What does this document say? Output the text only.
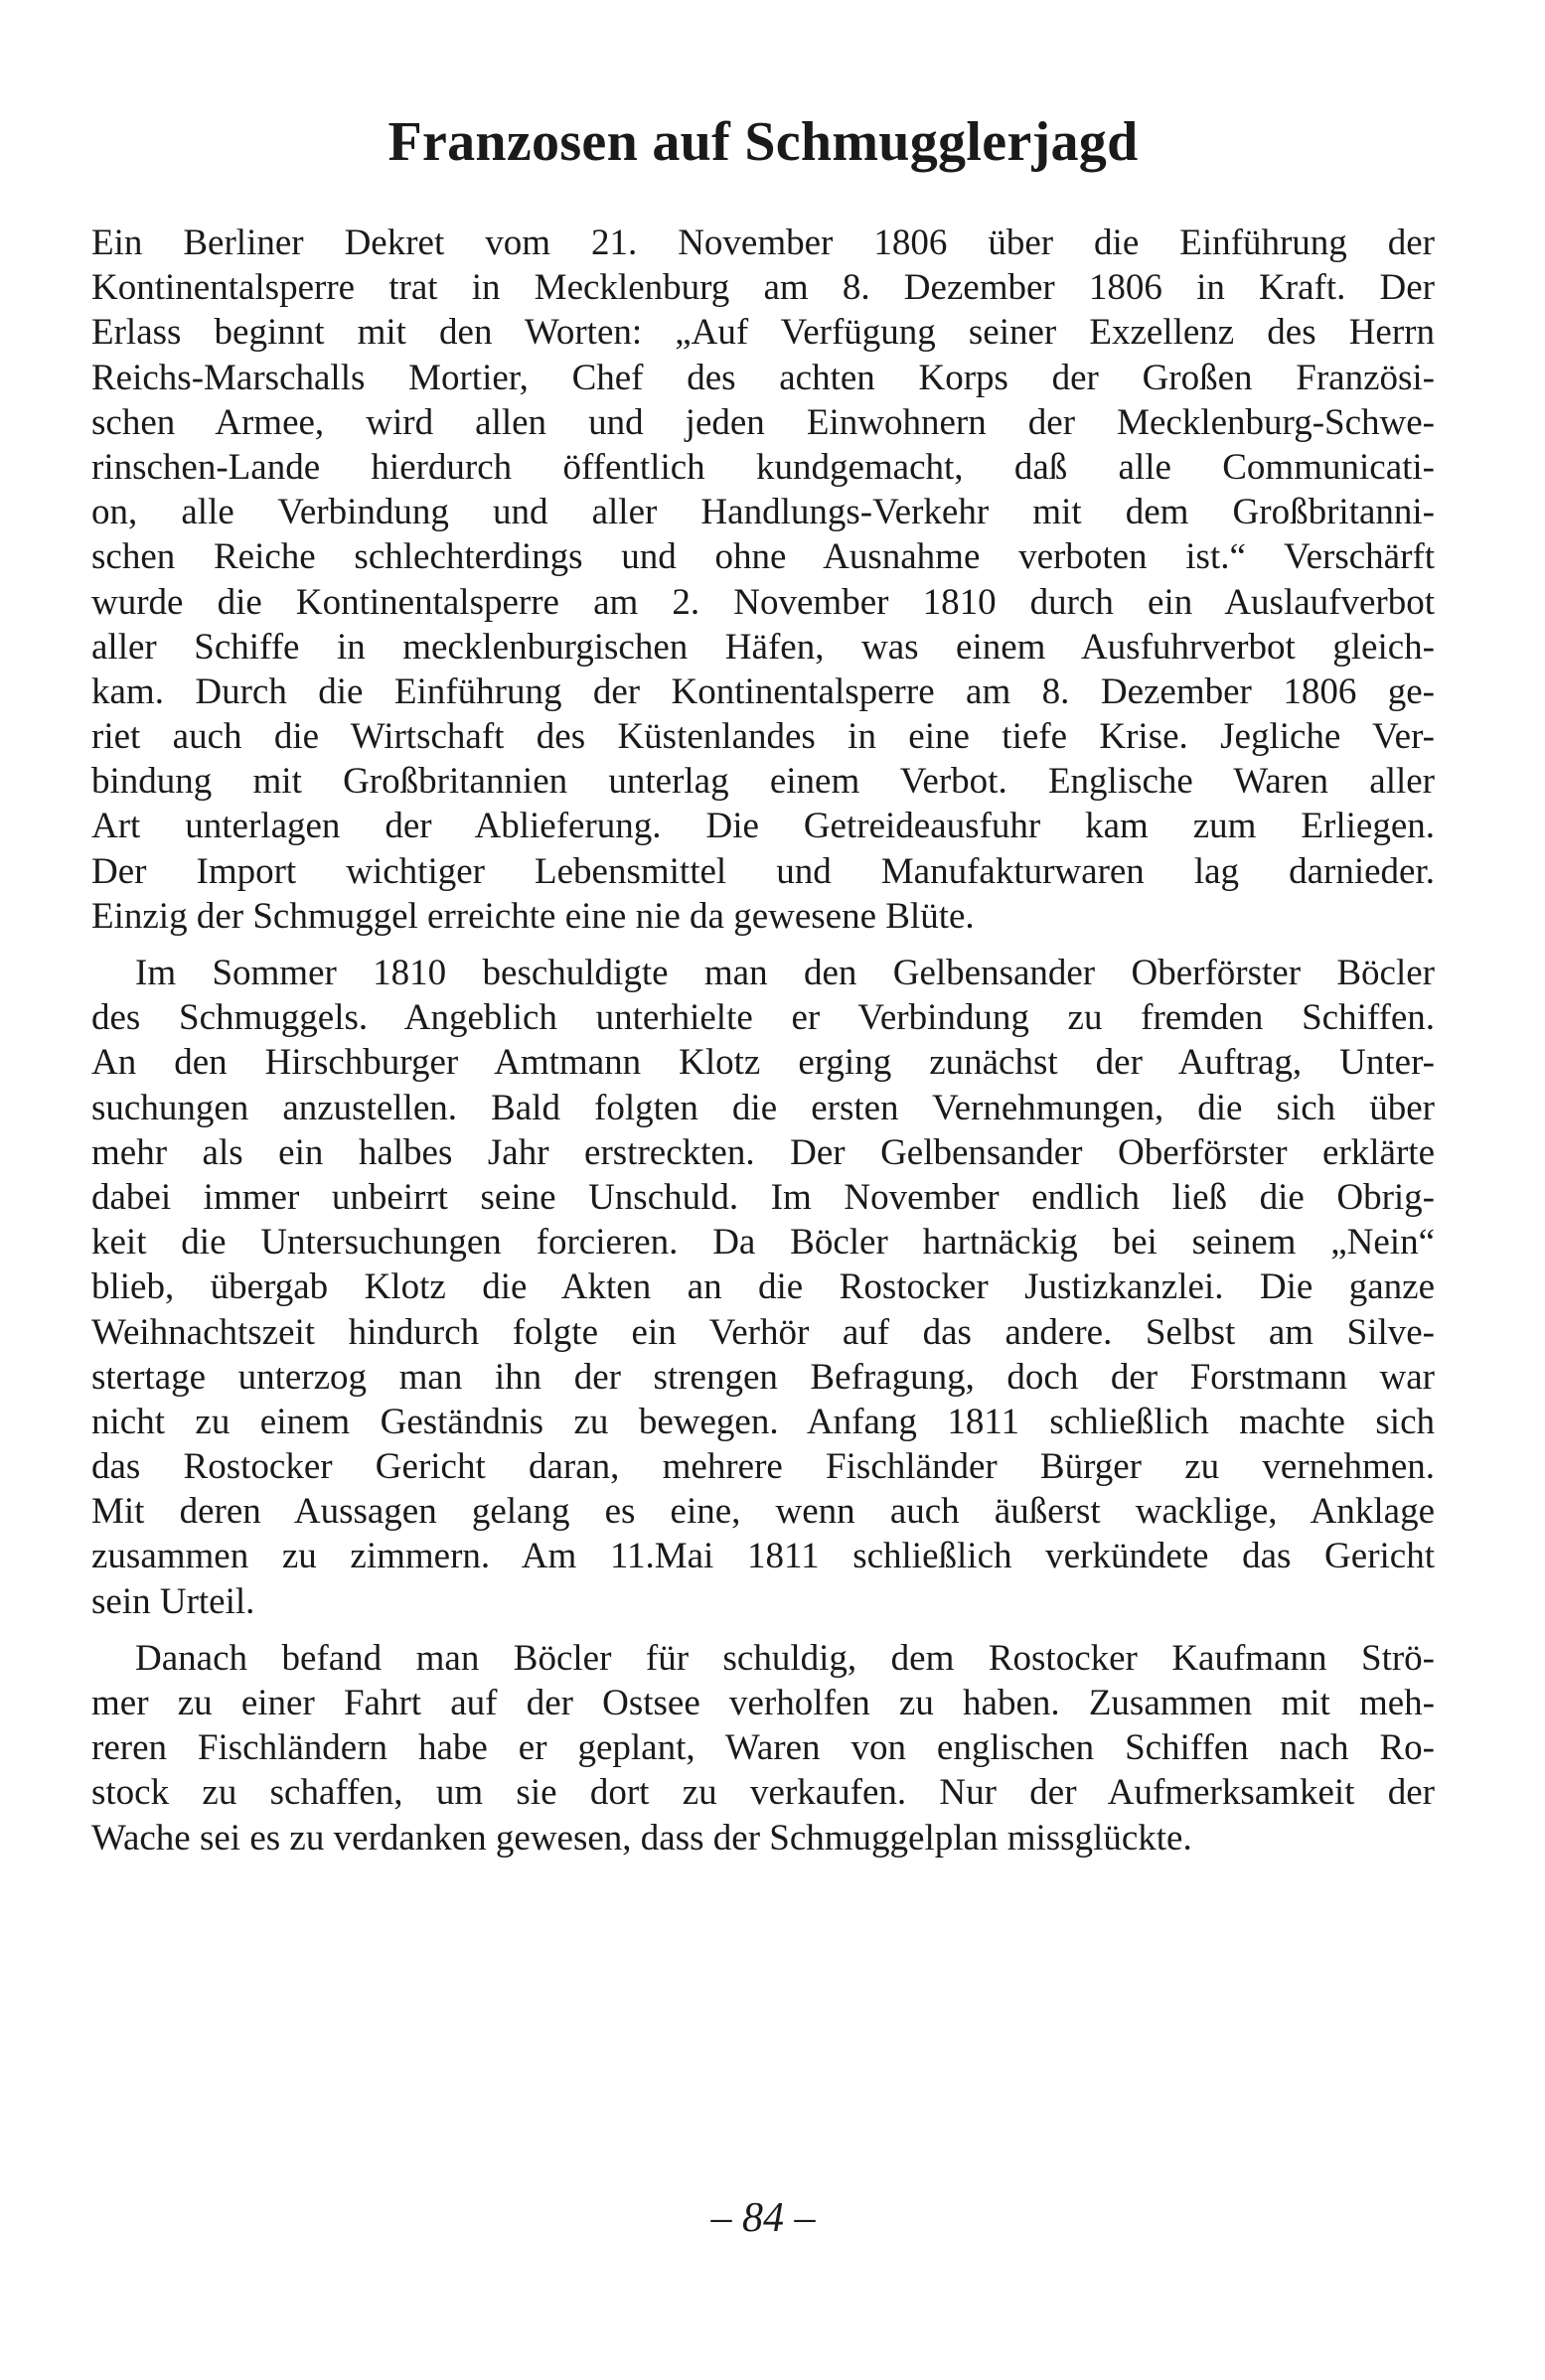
Franzosen auf Schmugglerjagd
Ein Berliner Dekret vom 21. November 1806 über die Einführung der
Kontinentalsperre trat in Mecklenburg am 8. Dezember 1806 in Kraft. Der
Erlass beginnt mit den Worten: „Auf Verfügung seiner Exzellenz des Herrn
Reichs-Marschalls Mortier, Chef des achten Korps der Großen Französi-
schen Armee, wird allen und jeden Einwohnern der Mecklenburg-Schwe-
rinschen-Lande hierdurch öffentlich kundgemacht, daß alle Communicati-
on, alle Verbindung und aller Handlungs-Verkehr mit dem Großbritanni-
schen Reiche schlechterdings und ohne Ausnahme verboten ist.“ Verschärft
wurde die Kontinentalsperre am 2. November 1810 durch ein Auslaufverbot
aller Schiffe in mecklenburgischen Häfen, was einem Ausfuhrverbot gleich-
kam. Durch die Einführung der Kontinentalsperre am 8. Dezember 1806 ge-
riet auch die Wirtschaft des Küstenlandes in eine tiefe Krise. Jegliche Ver-
bindung mit Großbritannien unterlag einem Verbot. Englische Waren aller
Art unterlagen der Ablieferung. Die Getreideausfuhr kam zum Erliegen.
Der Import wichtiger Lebensmittel und Manufakturwaren lag darnieder.
Einzig der Schmuggel erreichte eine nie da gewesene Blüte.
Im Sommer 1810 beschuldigte man den Gelbensander Oberförster Böcler
des Schmuggels. Angeblich unterhielte er Verbindung zu fremden Schiffen.
An den Hirschburger Amtmann Klotz erging zunächst der Auftrag, Unter-
suchungen anzustellen. Bald folgten die ersten Vernehmungen, die sich über
mehr als ein halbes Jahr erstreckten. Der Gelbensander Oberförster erklärte
dabei immer unbeirrt seine Unschuld. Im November endlich ließ die Obrig-
keit die Untersuchungen forcieren. Da Böcler hartnäckig bei seinem „Nein“
blieb, übergab Klotz die Akten an die Rostocker Justizkanzlei. Die ganze
Weihnachtszeit hindurch folgte ein Verhör auf das andere. Selbst am Silve-
stertage unterzog man ihn der strengen Befragung, doch der Forstmann war
nicht zu einem Geständnis zu bewegen. Anfang 1811 schließlich machte sich
das Rostocker Gericht daran, mehrere Fischländer Bürger zu vernehmen.
Mit deren Aussagen gelang es eine, wenn auch äußerst wacklige, Anklage
zusammen zu zimmern. Am 11.Mai 1811 schließlich verkündete das Gericht
sein Urteil.
Danach befand man Böcler für schuldig, dem Rostocker Kaufmann Strö-
mer zu einer Fahrt auf der Ostsee verholfen zu haben. Zusammen mit meh-
reren Fischländern habe er geplant, Waren von englischen Schiffen nach Ro-
stock zu schaffen, um sie dort zu verkaufen. Nur der Aufmerksamkeit der
Wache sei es zu verdanken gewesen, dass der Schmuggelplan missglückte.
– 84 –
